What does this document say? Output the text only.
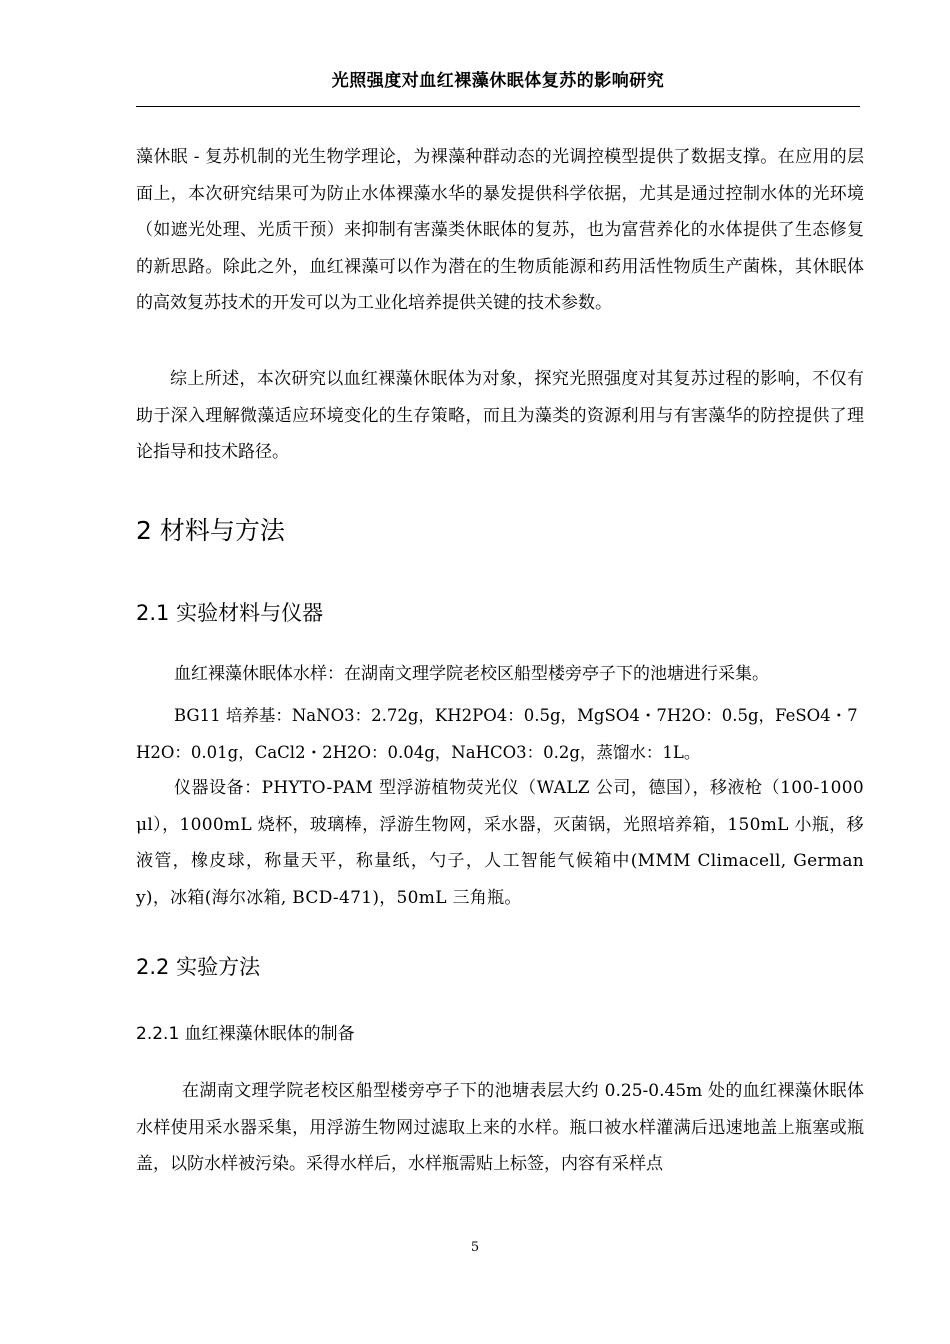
光照强度对血红裸藻休眠体复苏的影响研究

藻休眠 - 复苏机制的光生物学理论，为裸藻种群动态的光调控模型提供了数据支撑。在应用的层面上，本次研究结果可为防止水体裸藻水华的暴发提供科学依据，尤其是通过控制水体的光环境（如遮光处理、光质干预）来抑制有害藻类休眠体的复苏，也为富营养化的水体提供了生态修复的新思路。除此之外，血红裸藻可以作为潜在的生物质能源和药用活性物质生产菌株，其休眠体的高效复苏技术的开发可以为工业化培养提供关键的技术参数。

综上所述，本次研究以血红裸藻休眠体为对象，探究光照强度对其复苏过程的影响，不仅有助于深入理解微藻适应环境变化的生存策略，而且为藻类的资源利用与有害藻华的防控提供了理论指导和技术路径。

2 材料与方法
2.1 实验材料与仪器

血红裸藻休眠体水样：在湖南文理学院老校区船型楼旁亭子下的池塘进行采集。

BG11 培养基：NaNO3：2.72g，KH2PO4：0.5g，MgSO4・7H2O：0.5g，FeSO4・7H2O：0.01g，CaCl2・2H2O：0.04g，NaHCO3：0.2g，蒸馏水：1L。

仪器设备：PHYTO-PAM 型浮游植物荧光仪（WALZ 公司，德国），移液枪（100-1000μl），1000mL 烧杯，玻璃棒，浮游生物网，采水器，灭菌锅，光照培养箱，150mL 小瓶，移液管，橡皮球，称量天平，称量纸，勺子，人工智能气候箱中(MMM Climacell, Germany)，冰箱(海尔冰箱, BCD-471)，50mL 三角瓶。

2.2 实验方法
2.2.1 血红裸藻休眠体的制备

在湖南文理学院老校区船型楼旁亭子下的池塘表层大约 0.25-0.45m 处的血红裸藻休眠体水样使用采水器采集，用浮游生物网过滤取上来的水样。瓶口被水样灌满后迅速地盖上瓶塞或瓶盖，以防水样被污染。采得水样后，水样瓶需贴上标签，内容有采样点

5
